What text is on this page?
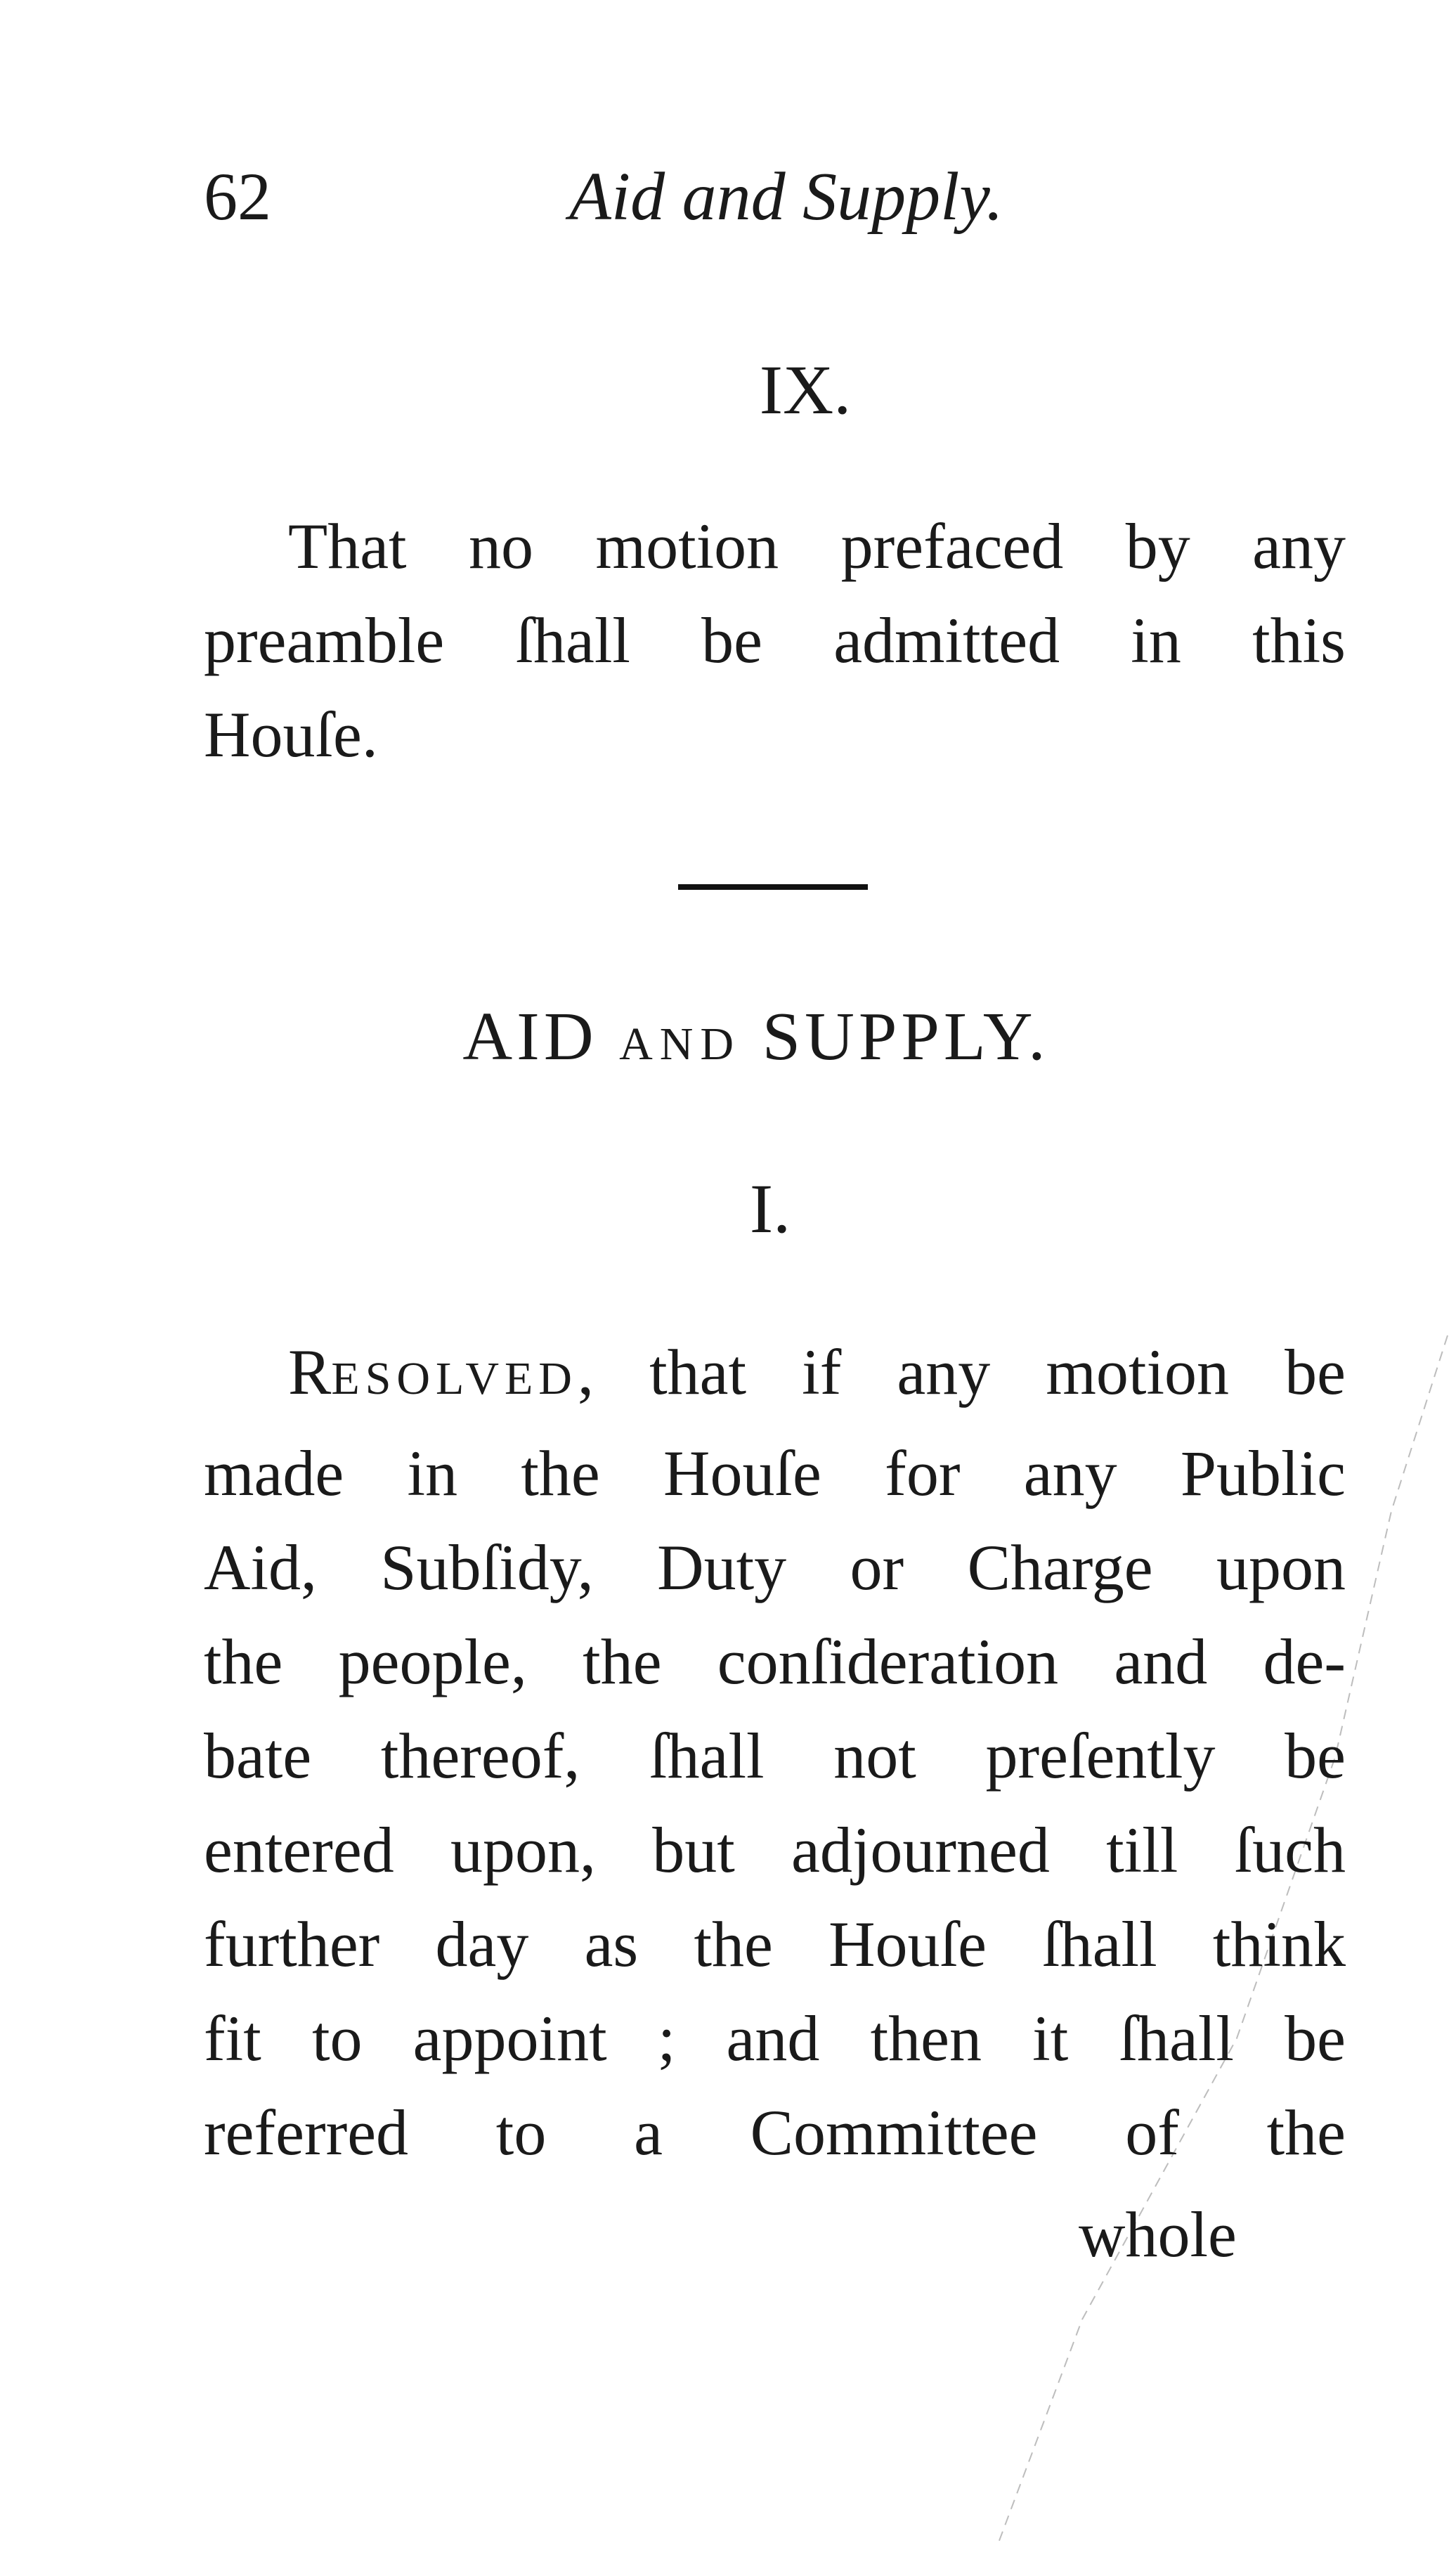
62	Aid and Supply.
IX.
That no motion prefaced by any
preamble ſhall be admitted in this
Houſe.
AID AND SUPPLY.
I.
RESOLVED, that if any motion be
made in the Houſe for any Public
Aid, Subſidy, Duty or Charge upon
the people, the conſideration and de-
bate thereof, ſhall not preſently be
entered upon, but adjourned till ſuch
further day as the Houſe ſhall think
fit to appoint ; and then it ſhall be
referred to a Committee of the
whole
